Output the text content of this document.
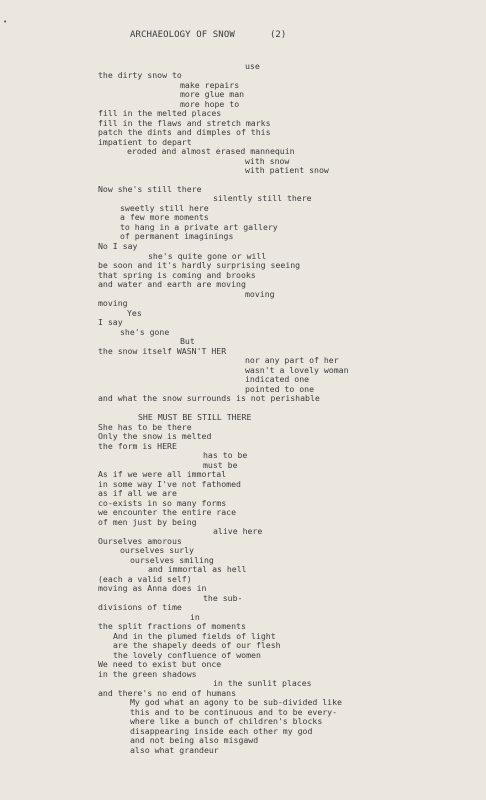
•
ARCHAEOLOGY OF SNOW	(2)
use
the dirty snow to
make repairs
more glue man
more hope to
fill in the melted places
fill in the flaws and stretch marks
patch the dints and dimples of this
impatient to depart
eroded and almost erased mannequin
with snow
with patient snow
Now she's still there
silently still there
sweetly still here
a few more moments
to hang in a private art gallery
of permanent imaginings
No I say
she's quite gone or will
be soon and it's hardly surprising seeing
that spring is coming and brooks
and water and earth are moving
moving
moving
Yes
I say
she's gone
But
the snow itself WASN'T HER
nor any part of her
wasn't a lovely woman
indicated one
pointed to one
and what the snow surrounds is not perishable
SHE MUST BE STILL THERE
She has to be there
Only the snow is melted
the form is HERE
has to be
must be
As if we were all immortal
in some way I've not fathomed
as if all we are
co-exists in so many forms
we encounter the entire race
of men just by being
alive here
Ourselves amorous
ourselves surly
ourselves smiling
and immortal as hell
(each a valid self)
moving as Anna does in
the sub-
divisions of time
in
the split fractions of moments
And in the plumed fields of light
are the shapely deeds of our flesh
the lovely confluence of women
We need to exist but once
in the green shadows
in the sunlit places
and there's no end of humans
My god what an agony to be sub-divided like
this and to be continuous and to be every-
where like a bunch of children's blocks
disappearing inside each other my god
and not being also misgawd
also what grandeur
